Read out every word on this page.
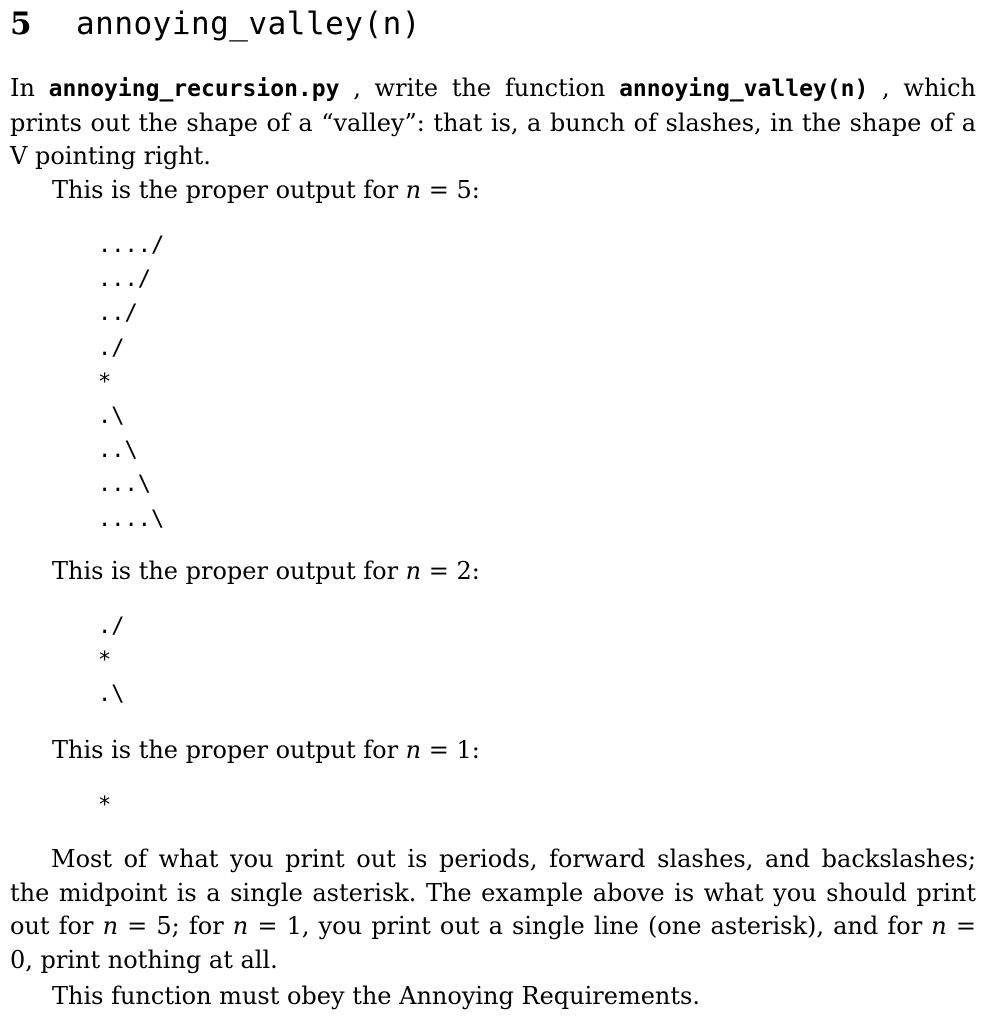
5 annoying_valley(n)
In annoying_recursion.py , write the function annoying_valley(n) , which prints out the shape of a “valley”: that is, a bunch of slashes, in the shape of a V pointing right.
This is the proper output for n = 5:
..../
.../
../
./
*
.\
..\
...\
....\
This is the proper output for n = 2:
./
*
.\
This is the proper output for n = 1:
*
Most of what you print out is periods, forward slashes, and backslashes; the midpoint is a single asterisk. The example above is what you should print out for n = 5; for n = 1, you print out a single line (one asterisk), and for n = 0, print nothing at all.
This function must obey the Annoying Requirements.
